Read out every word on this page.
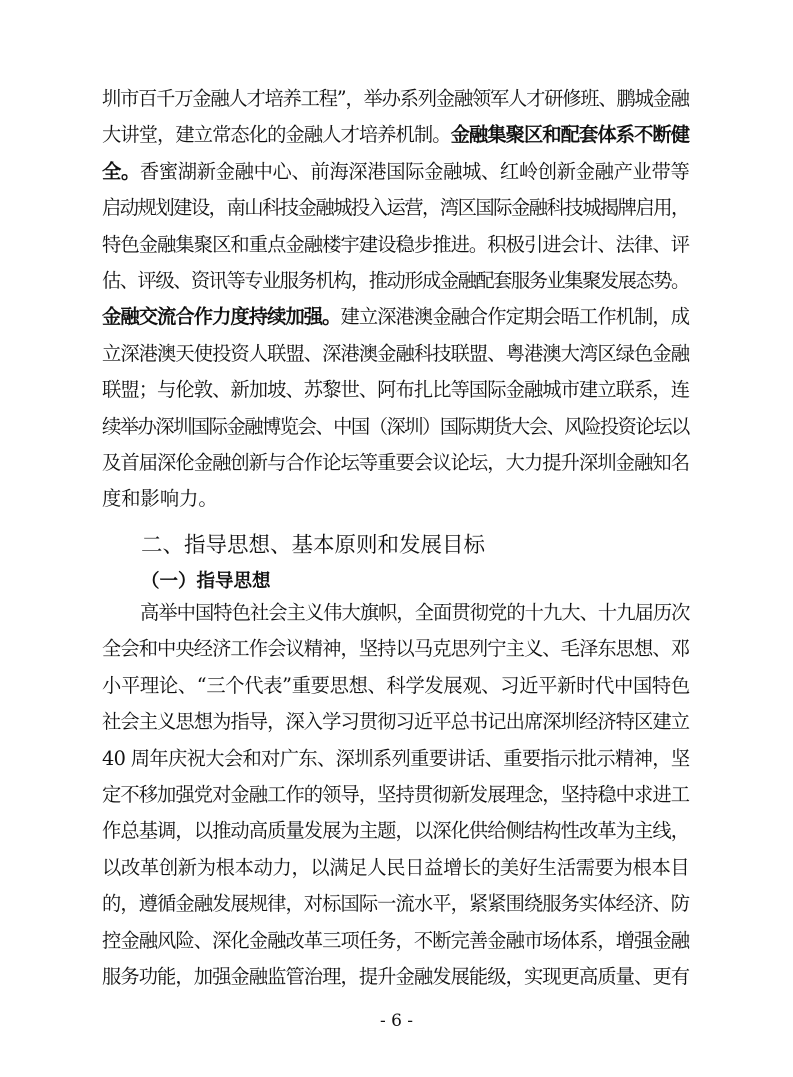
圳市百千万金融人才培养工程”，举办系列金融领军人才研修班、鹏城金融
大讲堂，建立常态化的金融人才培养机制。金融集聚区和配套体系不断健
全。香蜜湖新金融中心、前海深港国际金融城、红岭创新金融产业带等
启动规划建设，南山科技金融城投入运营，湾区国际金融科技城揭牌启用，
特色金融集聚区和重点金融楼宇建设稳步推进。积极引进会计、法律、评
估、评级、资讯等专业服务机构，推动形成金融配套服务业集聚发展态势。
金融交流合作力度持续加强。建立深港澳金融合作定期会晤工作机制，成
立深港澳天使投资人联盟、深港澳金融科技联盟、粤港澳大湾区绿色金融
联盟；与伦敦、新加坡、苏黎世、阿布扎比等国际金融城市建立联系，连
续举办深圳国际金融博览会、中国（深圳）国际期货大会、风险投资论坛以
及首届深伦金融创新与合作论坛等重要会议论坛，大力提升深圳金融知名
度和影响力。
二、指导思想、基本原则和发展目标
（一）指导思想
高举中国特色社会主义伟大旗帜，全面贯彻党的十九大、十九届历次
全会和中央经济工作会议精神，坚持以马克思列宁主义、毛泽东思想、邓
小平理论、“三个代表”重要思想、科学发展观、习近平新时代中国特色
社会主义思想为指导，深入学习贯彻习近平总书记出席深圳经济特区建立
40 周年庆祝大会和对广东、深圳系列重要讲话、重要指示批示精神，坚
定不移加强党对金融工作的领导，坚持贯彻新发展理念，坚持稳中求进工
作总基调，以推动高质量发展为主题，以深化供给侧结构性改革为主线，
以改革创新为根本动力，以满足人民日益增长的美好生活需要为根本目
的，遵循金融发展规律，对标国际一流水平，紧紧围绕服务实体经济、防
控金融风险、深化金融改革三项任务，不断完善金融市场体系，增强金融
服务功能，加强金融监管治理，提升金融发展能级，实现更高质量、更有
- 6 -
